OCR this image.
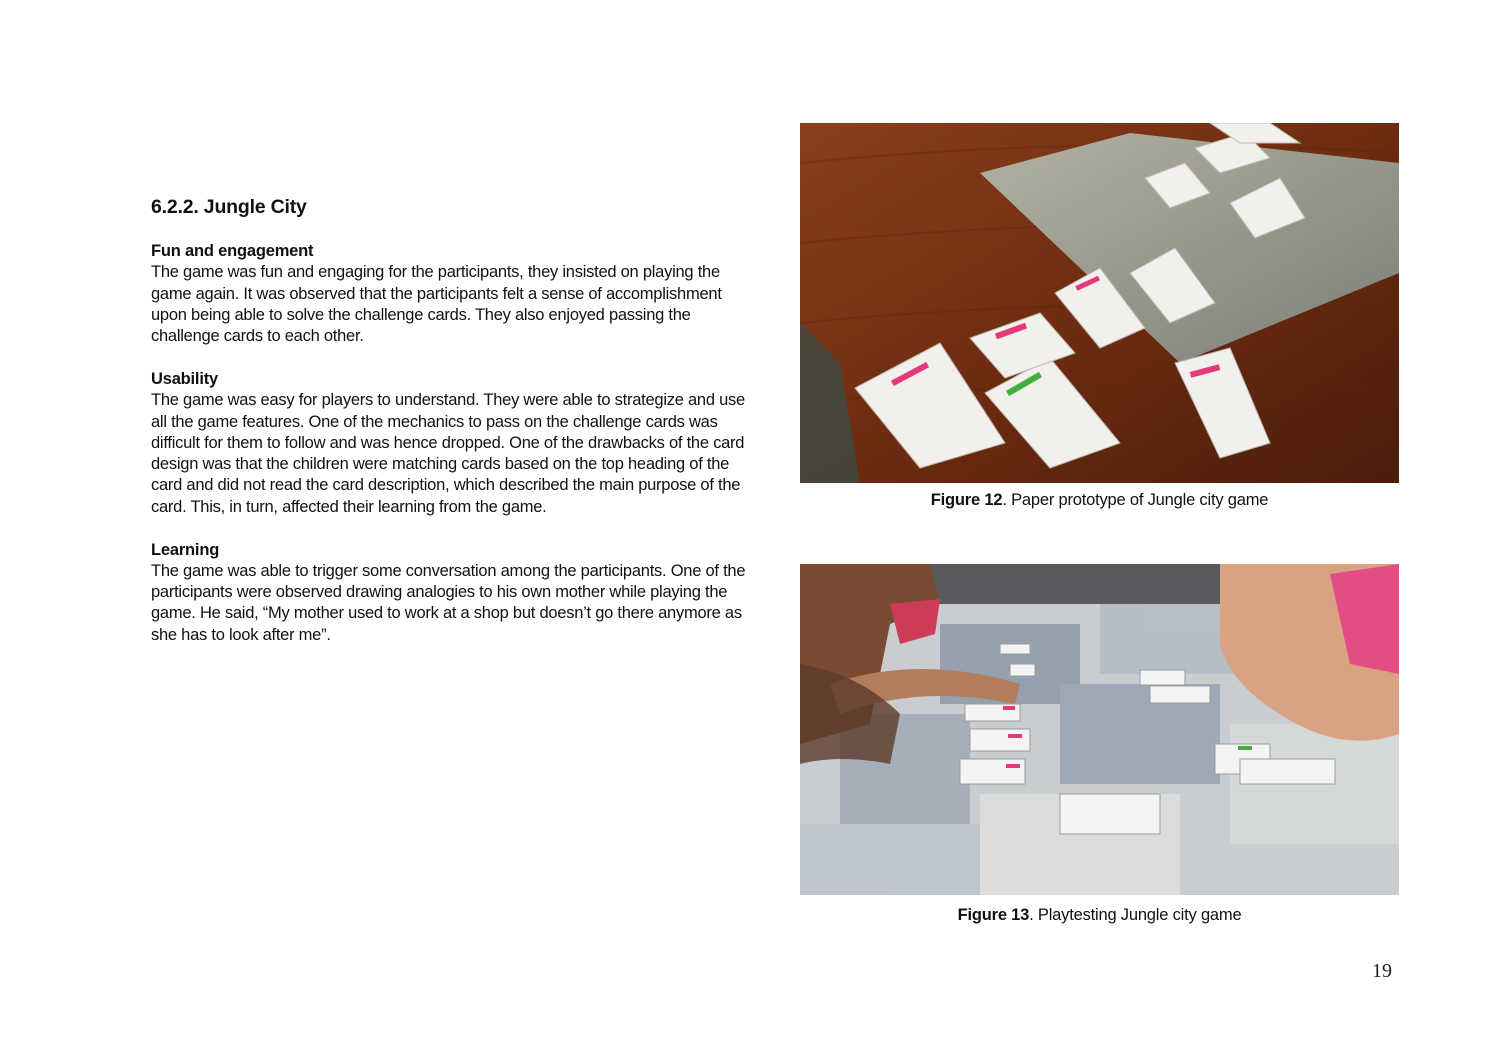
6.2.2. Jungle City
Fun and engagement
The game was fun and engaging for the participants, they insisted on playing the game again. It was observed that the participants felt a sense of accomplishment upon being able to solve the challenge cards. They also enjoyed passing the challenge cards to each other.
Usability
The game was easy for players to understand. They were able to strategize and use all the game features. One of the mechanics to pass on the challenge cards was difficult for them to follow and was hence dropped. One of the drawbacks of the card design was that the children were matching cards based on the top heading of the card and did not read the card description, which described the main purpose of the card. This, in turn, affected their learning from the game.
Learning
The game was able to trigger some conversation among the participants. One of the participants were observed drawing analogies to his own mother while playing the game. He said, “My mother used to work at a shop but doesn’t go there anymore as she has to look after me”.
Figure 12. Paper prototype of Jungle city game
Figure 13. Playtesting Jungle city game
19
